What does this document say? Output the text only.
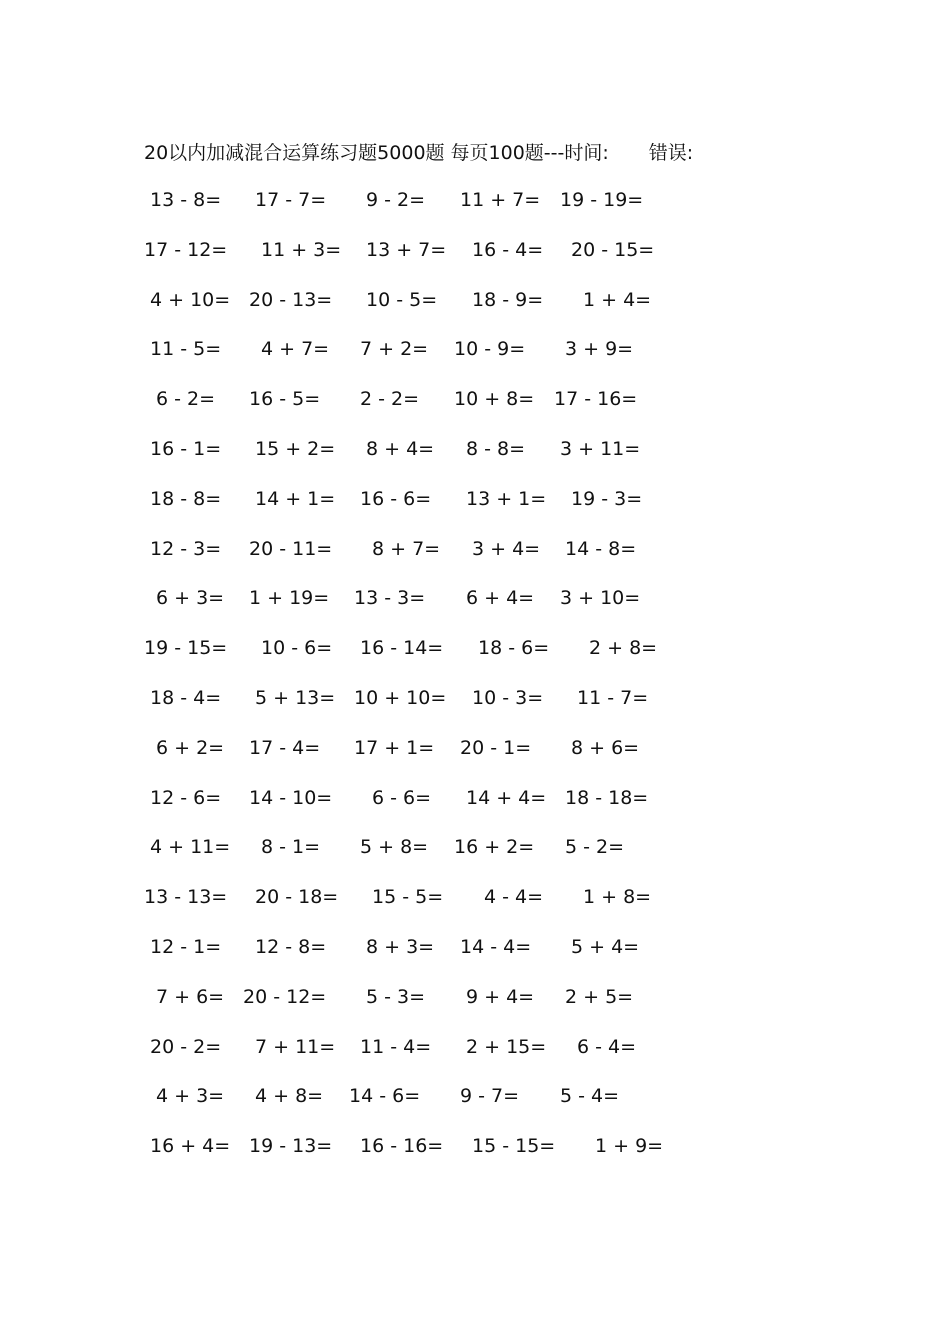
20以内加减混合运算练习题5000题 每页100题---时间: 错误:
13 - 8= 17 - 7= 9 - 2= 11 + 7= 19 - 19=
17 - 12= 11 + 3= 13 + 7= 16 - 4= 20 - 15=
4 + 10= 20 - 13= 10 - 5= 18 - 9= 1 + 4=
11 - 5= 4 + 7= 7 + 2= 10 - 9= 3 + 9=
6 - 2= 16 - 5= 2 - 2= 10 + 8= 17 - 16=
16 - 1= 15 + 2= 8 + 4= 8 - 8= 3 + 11=
18 - 8= 14 + 1= 16 - 6= 13 + 1= 19 - 3=
12 - 3= 20 - 11= 8 + 7= 3 + 4= 14 - 8=
6 + 3= 1 + 19= 13 - 3= 6 + 4= 3 + 10=
19 - 15= 10 - 6= 16 - 14= 18 - 6= 2 + 8=
18 - 4= 5 + 13= 10 + 10= 10 - 3= 11 - 7=
6 + 2= 17 - 4= 17 + 1= 20 - 1= 8 + 6=
12 - 6= 14 - 10= 6 - 6= 14 + 4= 18 - 18=
4 + 11= 8 - 1= 5 + 8= 16 + 2= 5 - 2=
13 - 13= 20 - 18= 15 - 5= 4 - 4= 1 + 8=
12 - 1= 12 - 8= 8 + 3= 14 - 4= 5 + 4=
7 + 6= 20 - 12= 5 - 3= 9 + 4= 2 + 5=
20 - 2= 7 + 11= 11 - 4= 2 + 15= 6 - 4=
4 + 3= 4 + 8= 14 - 6= 9 - 7= 5 - 4=
16 + 4= 19 - 13= 16 - 16= 15 - 15= 1 + 9=
